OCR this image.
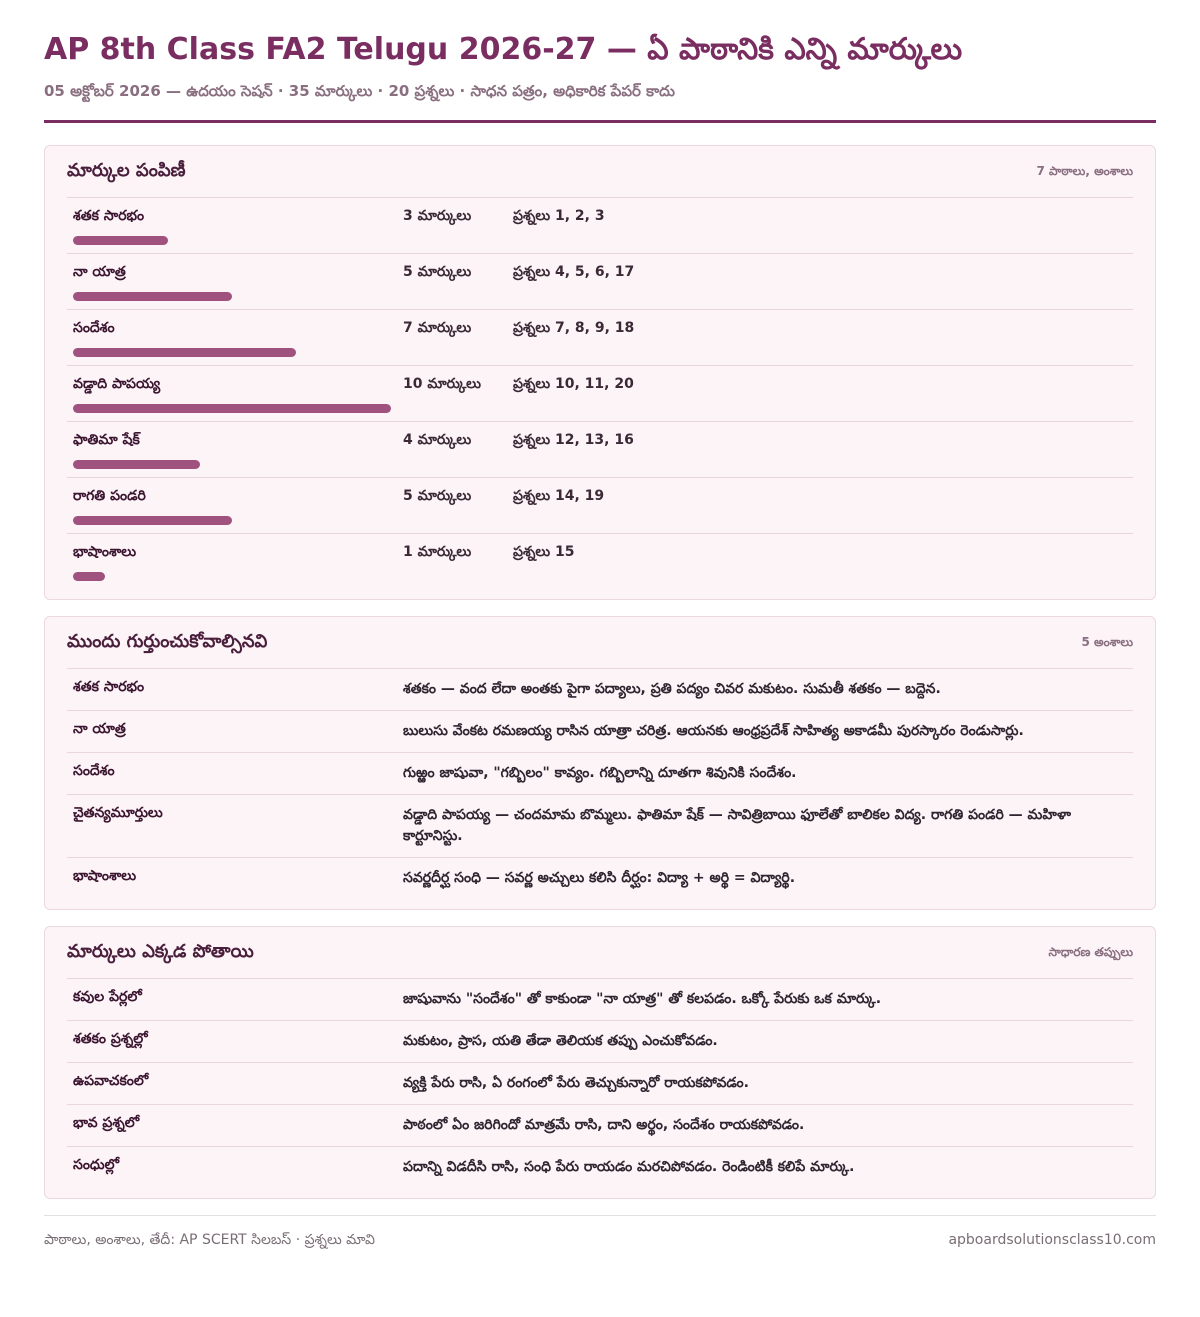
AP 8th Class FA2 Telugu 2026-27 — ఏ పాఠానికి ఎన్ని మార్కులు
05 అక్టోబర్ 2026 — ఉదయం సెషన్ · 35 మార్కులు · 20 ప్రశ్నలు · సాధన పత్రం, అధికారిక పేపర్ కాదు
మార్కుల పంపిణీ	7 పాఠాలు, అంశాలు
శతక సారభం	3 మార్కులు	ప్రశ్నలు 1, 2, 3
నా యాత్ర	5 మార్కులు	ప్రశ్నలు 4, 5, 6, 17
సందేశం	7 మార్కులు	ప్రశ్నలు 7, 8, 9, 18
వడ్డాది పాపయ్య	10 మార్కులు	ప్రశ్నలు 10, 11, 20
ఫాతిమా షేక్	4 మార్కులు	ప్రశ్నలు 12, 13, 16
రాగతి పండరి	5 మార్కులు	ప్రశ్నలు 14, 19
భాషాంశాలు	1 మార్కులు	ప్రశ్నలు 15
ముందు గుర్తుంచుకోవాల్సినవి	5 అంశాలు
శతక సారభం	శతకం — వంద లేదా అంతకు పైగా పద్యాలు, ప్రతి పద్యం చివర మకుటం. సుమతీ శతకం — బద్దెన.
నా యాత్ర	బులుసు వేంకట రమణయ్య రాసిన యాత్రా చరిత్ర. ఆయనకు ఆంధ్రప్రదేశ్ సాహిత్య అకాడమీ పురస్కారం రెండుసార్లు.
సందేశం	గుఱ్ఱం జాషువా, "గబ్బిలం" కావ్యం. గబ్బిలాన్ని దూతగా శివునికి సందేశం.
చైతన్యమూర్తులు	వడ్డాది పాపయ్య — చందమామ బొమ్మలు. ఫాతిమా షేక్ — సావిత్రిబాయి ఫూలేతో బాలికల విద్య. రాగతి పండరి — మహిళా కార్టూనిస్టు.
భాషాంశాలు	సవర్ణదీర్ఘ సంధి — సవర్ణ అచ్చులు కలిసి దీర్ఘం: విద్యా + అర్థి = విద్యార్థి.
మార్కులు ఎక్కడ పోతాయి	సాధారణ తప్పులు
కవుల పేర్లలో	జాషువాను "సందేశం" తో కాకుండా "నా యాత్ర" తో కలపడం. ఒక్కో పేరుకు ఒక మార్కు.
శతకం ప్రశ్నల్లో	మకుటం, ప్రాస, యతి తేడా తెలియక తప్పు ఎంచుకోవడం.
ఉపవాచకంలో	వ్యక్తి పేరు రాసి, ఏ రంగంలో పేరు తెచ్చుకున్నారో రాయకపోవడం.
భావ ప్రశ్నలో	పాఠంలో ఏం జరిగిందో మాత్రమే రాసి, దాని అర్థం, సందేశం రాయకపోవడం.
సంధుల్లో	పదాన్ని విడదీసి రాసి, సంధి పేరు రాయడం మరచిపోవడం. రెండింటికీ కలిపే మార్కు.
పాఠాలు, అంశాలు, తేదీ: AP SCERT సిలబస్ · ప్రశ్నలు మావి	apboardsolutionsclass10.com
